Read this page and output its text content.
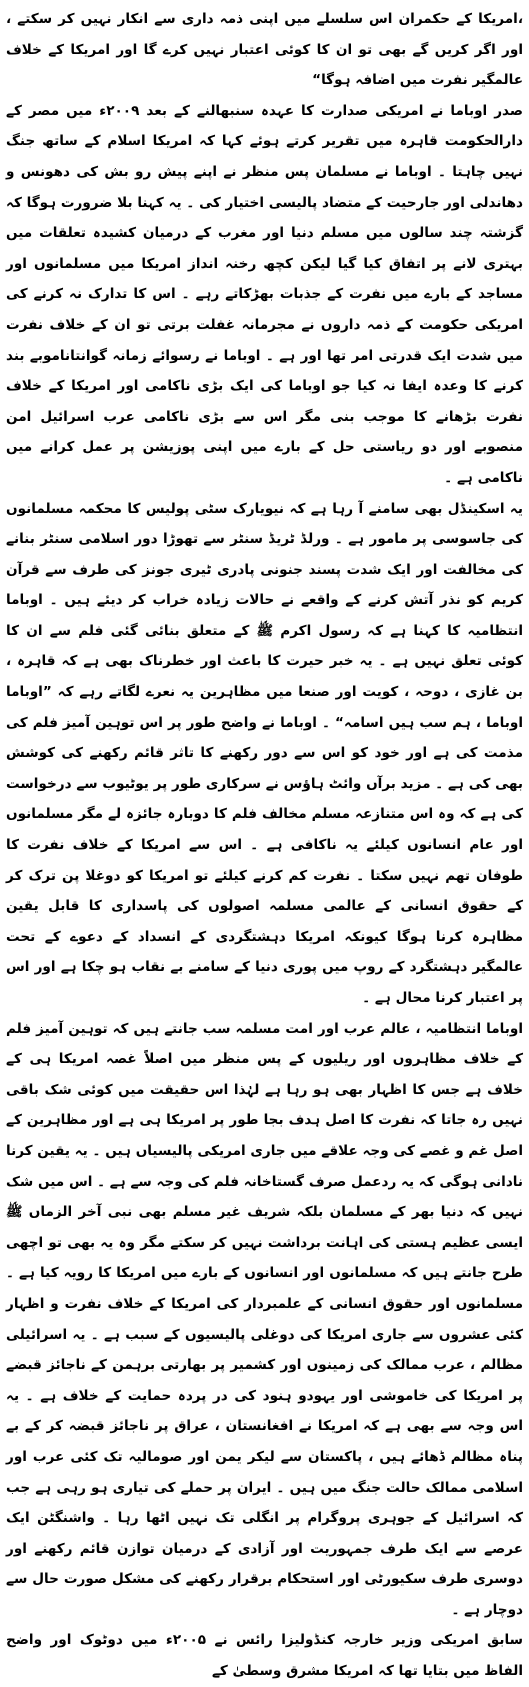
،امریکا کے حکمران اس سلسلے میں اپنی ذمہ داری سے انکار نہیں کر سکتے ، اور اگر کریں گے بھی تو ان کا کوئی اعتبار نہیں کرے گا اور امریکا کے خلاف عالمگیر نفرت میں اضافہ ہوگا“

صدر اوباما نے امریکی صدارت کا عہدہ سنبھالنے کے بعد ۲۰۰۹ء میں مصر کے دارالحکومت قاہرہ میں تقریر کرتے ہوئے کہا کہ امریکا اسلام کے ساتھ جنگ نہیں چاہتا ۔ اوباما نے مسلمان پس منظر نے اپنے پیش رو بش کی دھونس و دھاندلی اور جارحیت کے متضاد پالیسی اختیار کی ۔ یہ کہنا بلا ضرورت ہوگا کہ گزشتہ چند سالوں میں مسلم دنیا اور مغرب کے درمیان کشیدہ تعلقات میں بہتری لانے پر اتفاق کیا گیا لیکن کچھ رخنہ انداز امریکا میں مسلمانوں اور مساجد کے بارے میں نفرت کے جذبات بھڑکاتے رہے ۔ اس کا تدارک نہ کرنے کی امریکی حکومت کے ذمہ داروں نے مجرمانہ غفلت برتی تو ان کے خلاف نفرت میں شدت ایک قدرتی امر تھا اور ہے ۔ اوباما نے رسوائے زمانہ گوانتاناموبے بند کرنے کا وعدہ ایفا نہ کیا جو اوباما کی ایک بڑی ناکامی اور امریکا کے خلاف نفرت بڑھانے کا موجب بنی مگر اس سے بڑی ناکامی عرب اسرائیل امن منصوبے اور دو ریاستی حل کے بارے میں اپنی پوزیشن پر عمل کرانے میں ناکامی ہے ۔

یہ اسکینڈل بھی سامنے آ رہا ہے کہ نیویارک سٹی پولیس کا محکمہ مسلمانوں کی جاسوسی پر مامور ہے ۔ ورلڈ ٹریڈ سنٹر سے تھوڑا دور اسلامی سنٹر بنانے کی مخالفت اور ایک شدت پسند جنونی پادری ٹیری جونز کی طرف سے قرآن کریم کو نذر آتش کرنے کے واقعے نے حالات زیادہ خراب کر دیئے ہیں ۔ اوباما انتظامیہ کا کہنا ہے کہ رسول اکرم ﷺ کے متعلق بنائی گئی فلم سے ان کا کوئی تعلق نہیں ہے ۔ یہ خبر حیرت کا باعث اور خطرناک بھی ہے کہ قاہرہ ، بن غازی ، دوحہ ، کویت اور صنعا میں مظاہرین یہ نعرے لگاتے رہے کہ ”اوباما اوباما ، ہم سب ہیں اسامہ“ ۔ اوباما نے واضح طور پر اس توہین آمیز فلم کی مذمت کی ہے اور خود کو اس سے دور رکھنے کا تاثر قائم رکھنے کی کوشش بھی کی ہے ۔ مزید برآں وائٹ ہاؤس نے سرکاری طور پر یوٹیوب سے درخواست کی ہے کہ وہ اس متنازعہ مسلم مخالف فلم کا دوبارہ جائزہ لے مگر مسلمانوں اور عام انسانوں کیلئے یہ ناکافی ہے ۔ اس سے امریکا کے خلاف نفرت کا طوفان تھم نہیں سکتا ۔ نفرت کم کرنے کیلئے تو امریکا کو دوغلا پن ترک کر کے حقوق انسانی کے عالمی مسلمہ اصولوں کی پاسداری کا قابل یقین مظاہرہ کرنا ہوگا کیونکہ امریکا دہشتگردی کے انسداد کے دعوے کے تحت عالمگیر دہشتگرد کے روپ میں پوری دنیا کے سامنے بے نقاب ہو چکا ہے اور اس پر اعتبار کرنا محال ہے ۔

اوباما انتظامیہ ، عالم عرب اور امت مسلمہ سب جانتے ہیں کہ توہین آمیز فلم کے خلاف مظاہروں اور ریلیوں کے پس منظر میں اصلاً غصہ امریکا ہی کے خلاف ہے جس کا اظہار بھی ہو رہا ہے لہٰذا اس حقیقت میں کوئی شک باقی نہیں رہ جاتا کہ نفرت کا اصل ہدف بجا طور پر امریکا ہی ہے اور مظاہرین کے اصل غم و غصے کی وجہ علاقے میں جاری امریکی پالیسیاں ہیں ۔ یہ یقین کرنا نادانی ہوگی کہ یہ ردعمل صرف گستاخانہ فلم کی وجہ سے ہے ۔ اس میں شک نہیں کہ دنیا بھر کے مسلمان بلکہ شریف غیر مسلم بھی نبی آخر الزماں ﷺ ایسی عظیم ہستی کی اہانت برداشت نہیں کر سکتے مگر وہ یہ بھی تو اچھی طرح جانتے ہیں کہ مسلمانوں اور انسانوں کے بارے میں امریکا کا رویہ کیا ہے ۔ مسلمانوں اور حقوق انسانی کے علمبردار کی امریکا کے خلاف نفرت و اظہار کئی عشروں سے جاری امریکا کی دوغلی پالیسیوں کے سبب ہے ۔ یہ اسرائیلی مظالم ، عرب ممالک کی زمینوں اور کشمیر پر بھارتی برہمن کے ناجائز قبضے پر امریکا کی خاموشی اور یہودو ہنود کی در پردہ حمایت کے خلاف ہے ۔ یہ اس وجہ سے بھی ہے کہ امریکا نے افغانستان ، عراق پر ناجائز قبضہ کر کے بے پناہ مظالم ڈھائے ہیں ، پاکستان سے لیکر یمن اور صومالیہ تک کئی عرب اور اسلامی ممالک حالت جنگ میں ہیں ۔ ایران پر حملے کی تیاری ہو رہی ہے جب کہ اسرائیل کے جوہری پروگرام پر انگلی تک نہیں اٹھا رہا ۔ واشنگٹن ایک عرصے سے ایک طرف جمہوریت اور آزادی کے درمیان توازن قائم رکھنے اور دوسری طرف سکیورٹی اور استحکام برقرار رکھنے کی مشکل صورت حال سے دوچار ہے ۔

سابق امریکی وزیر خارجہ کنڈولیزا رائس نے ۲۰۰۵ء میں دوٹوک اور واضح الفاظ میں بتایا تھا کہ امریکا مشرق وسطیٰ کے
